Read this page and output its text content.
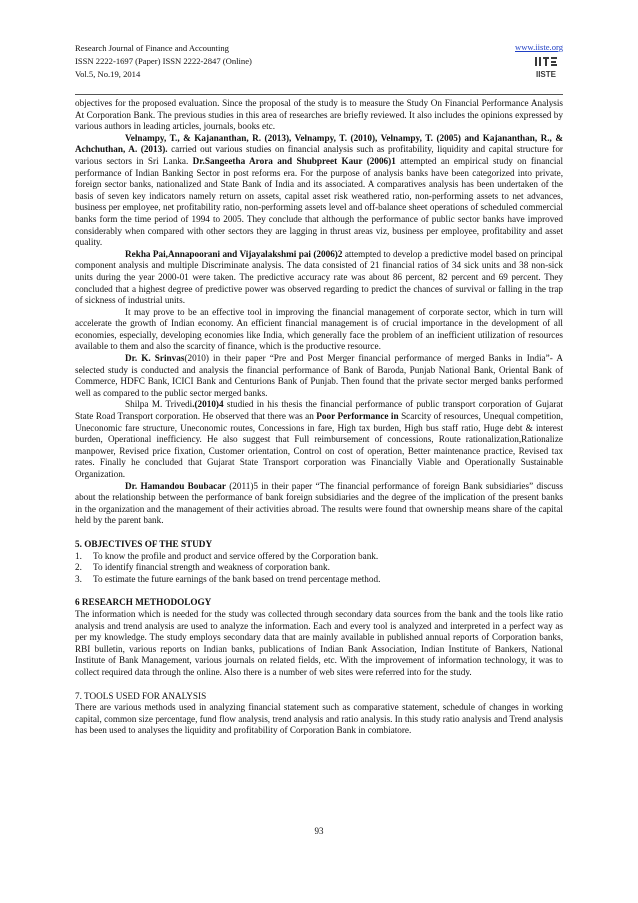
Research Journal of Finance and Accounting
ISSN 2222-1697 (Paper) ISSN 2222-2847 (Online)
Vol.5, No.19, 2014
www.iiste.org
IISTE

objectives for the proposed evaluation. Since the proposal of the study is to measure the Study On Financial Performance Analysis At Corporation Bank. The previous studies in this area of researches are briefly reviewed. It also includes the opinions expressed by various authors in leading articles, journals, books etc.

Velnampy, T., & Kajananthan, R. (2013), Velnampy, T. (2010), Velnampy, T. (2005) and Kajananthan, R., & Achchuthan, A. (2013). carried out various studies on financial analysis such as profitability, liquidity and capital structure for various sectors in Sri Lanka. Dr.Sangeetha Arora and Shubpreet Kaur (2006)1 attempted an empirical study on financial performance of Indian Banking Sector in post reforms era. For the purpose of analysis banks have been categorized into private, foreign sector banks, nationalized and State Bank of India and its associated. A comparatives analysis has been undertaken of the basis of seven key indicators namely return on assets, capital asset risk weathered ratio, non-performing assets to net advances, business per employee, net profitability ratio, non-performing assets level and off-balance sheet operations of scheduled commercial banks form the time period of 1994 to 2005. They conclude that although the performance of public sector banks have improved considerably when compared with other sectors they are lagging in thrust areas viz, business per employee, profitability and asset quality.

Rekha Pai,Annapoorani and Vijayalakshmi pai (2006)2 attempted to develop a predictive model based on principal component analysis and multiple Discriminate analysis. The data consisted of 21 financial ratios of 34 sick units and 38 non-sick units during the year 2000-01 were taken. The predictive accuracy rate was about 86 percent, 82 percent and 69 percent. They concluded that a highest degree of predictive power was observed regarding to predict the chances of survival or falling in the trap of sickness of industrial units.

It may prove to be an effective tool in improving the financial management of corporate sector, which in turn will accelerate the growth of Indian economy. An efficient financial management is of crucial importance in the development of all economies, especially, developing economies like India, which generally face the problem of an inefficient utilization of resources available to them and also the scarcity of finance, which is the productive resource.

Dr. K. Srinvas(2010) in their paper “Pre and Post Merger financial performance of merged Banks in India”- A selected study is conducted and analysis the financial performance of Bank of Baroda, Punjab National Bank, Oriental Bank of Commerce, HDFC Bank, ICICI Bank and Centurions Bank of Punjab. Then found that the private sector merged banks performed well as compared to the public sector merged banks.

Shilpa M. Trivedi.(2010)4 studied in his thesis the financial performance of public transport corporation of Gujarat State Road Transport corporation. He observed that there was an Poor Performance in Scarcity of resources, Unequal competition, Uneconomic fare structure, Uneconomic routes, Concessions in fare, High tax burden, High bus staff ratio, Huge debt & interest burden, Operational inefficiency. He also suggest that Full reimbursement of concessions, Route rationalization,Rationalize manpower, Revised price fixation, Customer orientation, Control on cost of operation, Better maintenance practice, Revised tax rates. Finally he concluded that Gujarat State Transport corporation was Financially Viable and Operationally Sustainable Organization.

Dr. Hamandou Boubacar (2011)5 in their paper “The financial performance of foreign Bank subsidiaries” discuss about the relationship between the performance of bank foreign subsidiaries and the degree of the implication of the present banks in the organization and the management of their activities abroad. The results were found that ownership means share of the capital held by the parent bank.

5. OBJECTIVES OF THE STUDY
1. To know the profile and product and service offered by the Corporation bank.
2. To identify financial strength and weakness of corporation bank.
3. To estimate the future earnings of the bank based on trend percentage method.
6 RESEARCH METHODOLOGY

The information which is needed for the study was collected through secondary data sources from the bank and the tools like ratio analysis and trend analysis are used to analyze the information. Each and every tool is analyzed and interpreted in a perfect way as per my knowledge. The study employs secondary data that are mainly available in published annual reports of Corporation banks, RBI bulletin, various reports on Indian banks, publications of Indian Bank Association, Indian Institute of Bankers, National Institute of Bank Management, various journals on related fields, etc. With the improvement of information technology, it was to collect required data through the online. Also there is a number of web sites were referred into for the study.

7. TOOLS USED FOR ANALYSIS

There are various methods used in analyzing financial statement such as comparative statement, schedule of changes in working capital, common size percentage, fund flow analysis, trend analysis and ratio analysis. In this study ratio analysis and Trend analysis has been used to analyses the liquidity and profitability of Corporation Bank in combiatore.

93
